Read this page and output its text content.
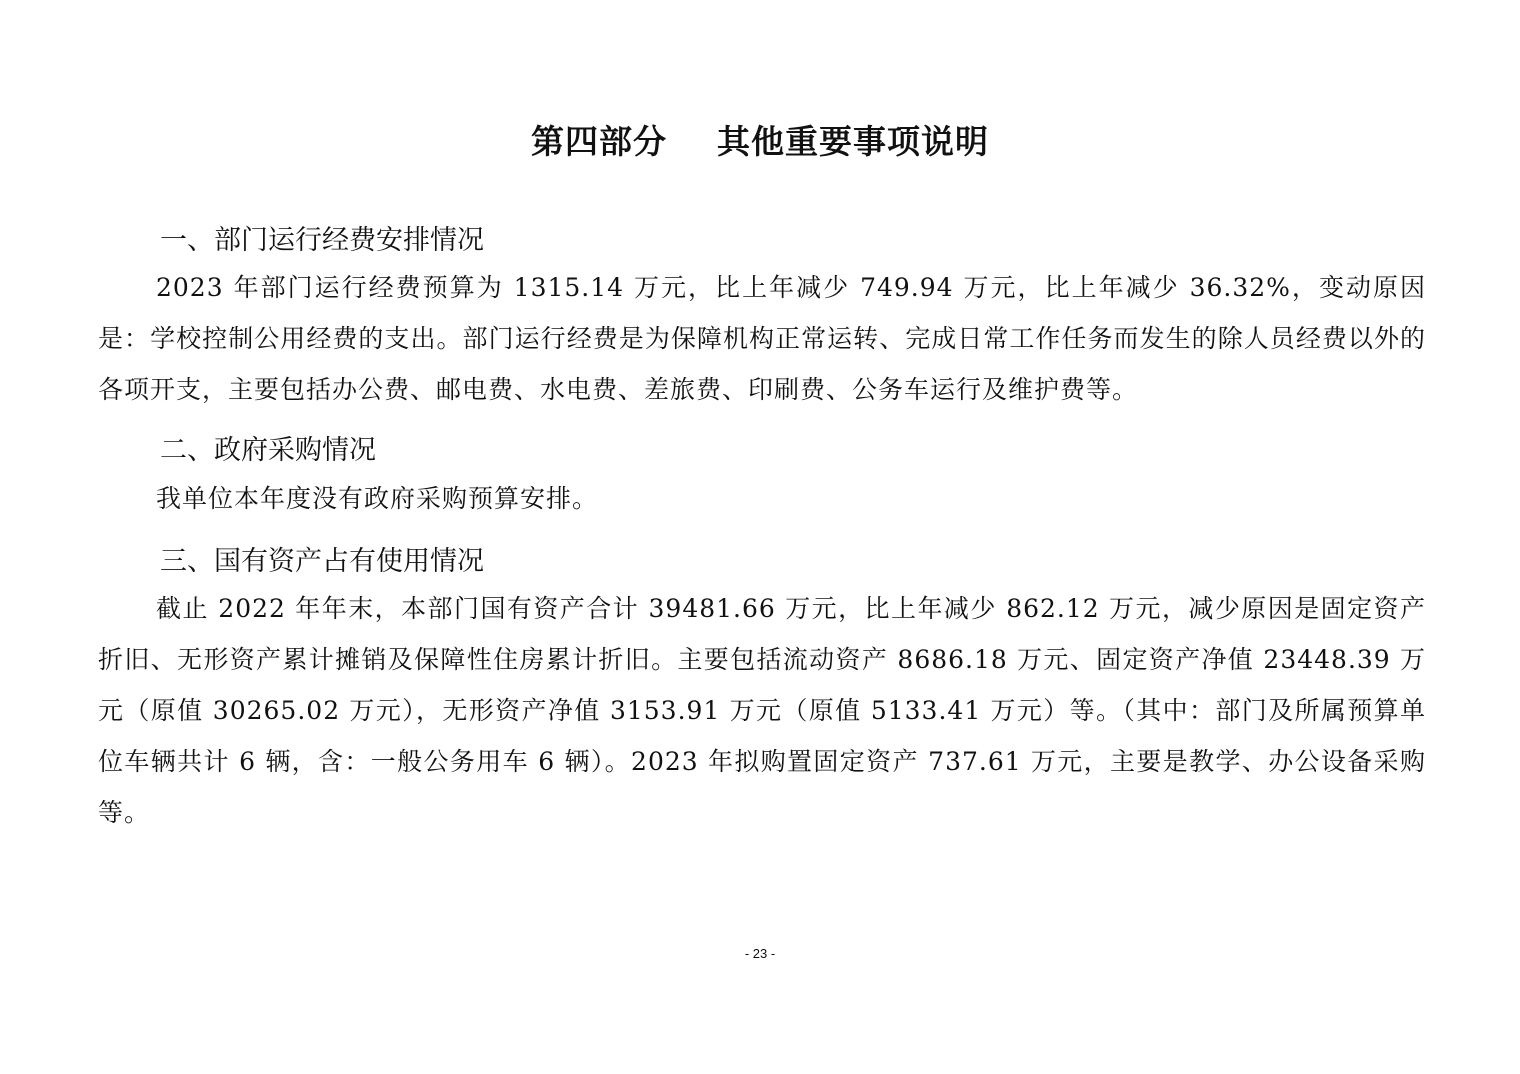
第四部分    其他重要事项说明
一、部门运行经费安排情况
2023 年部门运行经费预算为 1315.14 万元，比上年减少 749.94 万元，比上年减少 36.32%，变动原因是：学校控制公用经费的支出。部门运行经费是为保障机构正常运转、完成日常工作任务而发生的除人员经费以外的各项开支，主要包括办公费、邮电费、水电费、差旅费、印刷费、公务车运行及维护费等。
二、政府采购情况
我单位本年度没有政府采购预算安排。
三、国有资产占有使用情况
截止 2022 年年末，本部门国有资产合计 39481.66 万元，比上年减少 862.12 万元，减少原因是固定资产折旧、无形资产累计摊销及保障性住房累计折旧。主要包括流动资产 8686.18 万元、固定资产净值 23448.39 万元（原值 30265.02 万元），无形资产净值 3153.91 万元（原值 5133.41 万元）等。（其中：部门及所属预算单位车辆共计 6 辆，含：一般公务用车 6 辆）。2023 年拟购置固定资产 737.61 万元，主要是教学、办公设备采购等。
- 23 -
